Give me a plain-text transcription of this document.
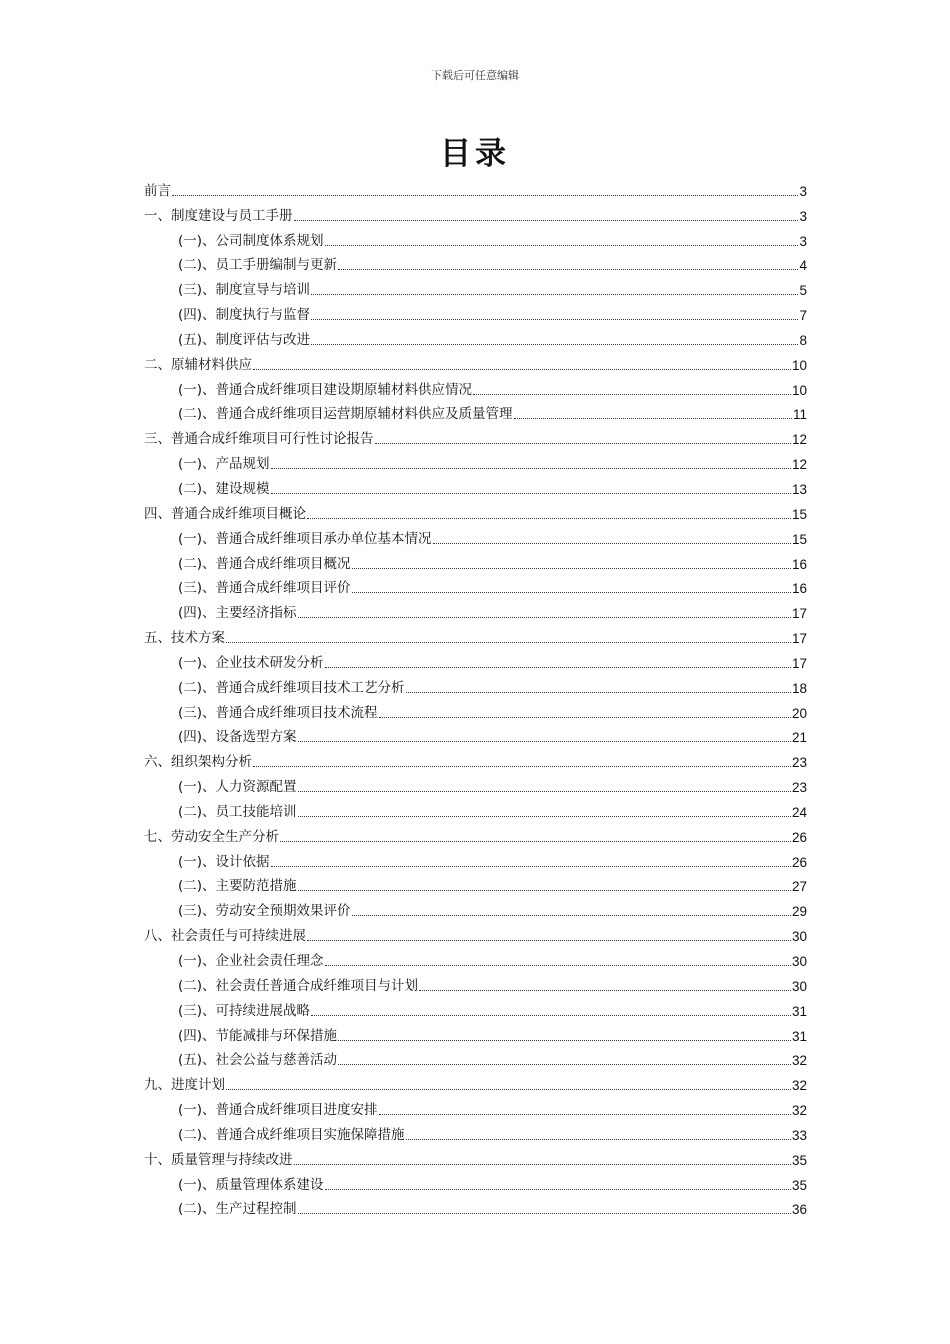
下载后可任意编辑
目录
前言	3
一、制度建设与员工手册	3
(一)、公司制度体系规划	3
(二)、员工手册编制与更新	4
(三)、制度宣导与培训	5
(四)、制度执行与监督	7
(五)、制度评估与改进	8
二、原辅材料供应	10
(一)、普通合成纤维项目建设期原辅材料供应情况	10
(二)、普通合成纤维项目运营期原辅材料供应及质量管理	11
三、普通合成纤维项目可行性讨论报告	12
(一)、产品规划	12
(二)、建设规模	13
四、普通合成纤维项目概论	15
(一)、普通合成纤维项目承办单位基本情况	15
(二)、普通合成纤维项目概况	16
(三)、普通合成纤维项目评价	16
(四)、主要经济指标	17
五、技术方案	17
(一)、企业技术研发分析	17
(二)、普通合成纤维项目技术工艺分析	18
(三)、普通合成纤维项目技术流程	20
(四)、设备选型方案	21
六、组织架构分析	23
(一)、人力资源配置	23
(二)、员工技能培训	24
七、劳动安全生产分析	26
(一)、设计依据	26
(二)、主要防范措施	27
(三)、劳动安全预期效果评价	29
八、社会责任与可持续进展	30
(一)、企业社会责任理念	30
(二)、社会责任普通合成纤维项目与计划	30
(三)、可持续进展战略	31
(四)、节能减排与环保措施	31
(五)、社会公益与慈善活动	32
九、进度计划	32
(一)、普通合成纤维项目进度安排	32
(二)、普通合成纤维项目实施保障措施	33
十、质量管理与持续改进	35
(一)、质量管理体系建设	35
(二)、生产过程控制	36
